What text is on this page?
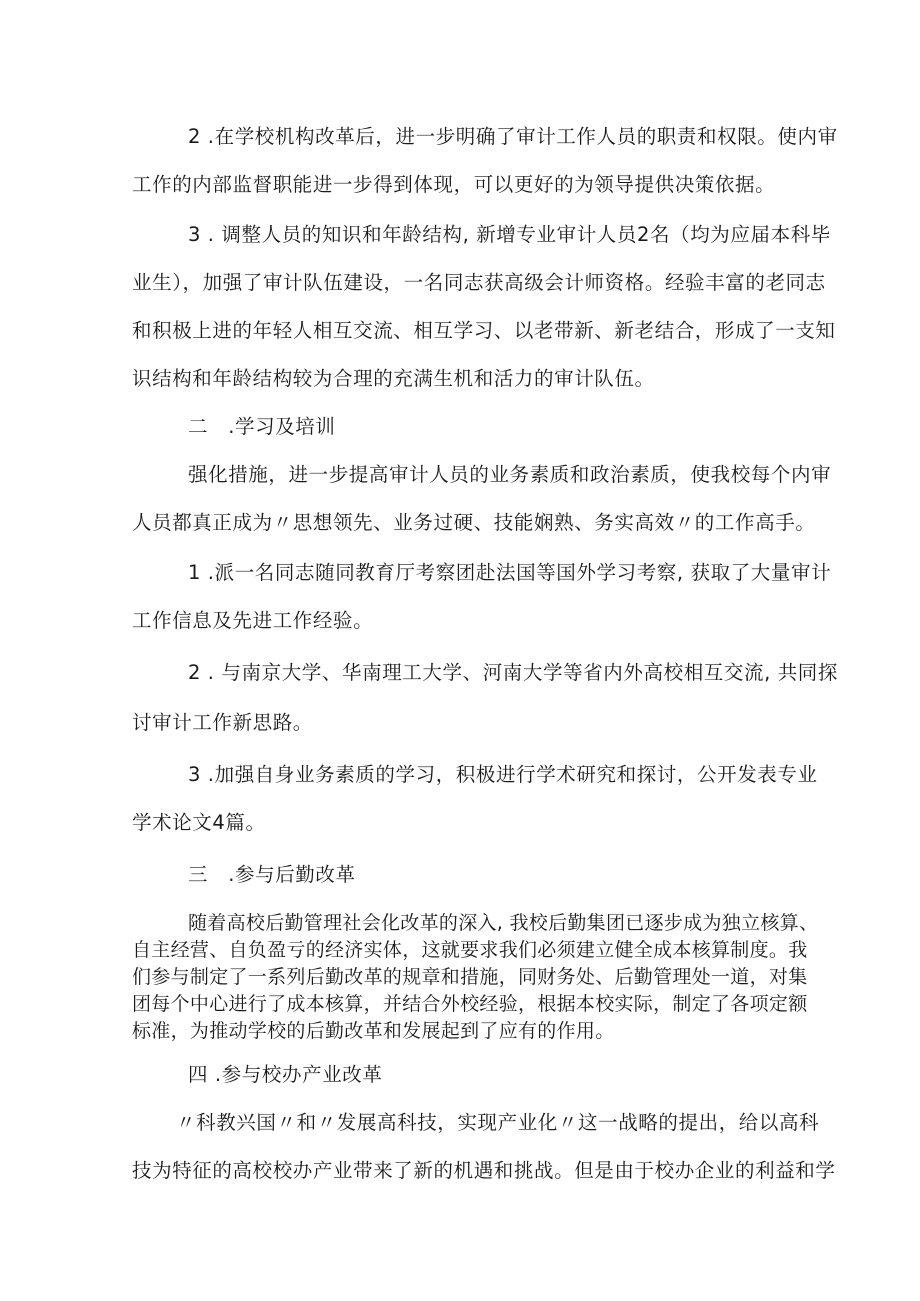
2 .在学校机构改革后，进一步明确了审计工作人员的职责和权限。使内审
工作的内部监督职能进一步得到体现，可以更好的为领导提供决策依据。
3 . 调整人员的知识和年龄结构, 新增专业审计人员2名（均为应届本科毕
业生），加强了审计队伍建设，一名同志获高级会计师资格。经验丰富的老同志
和积极上进的年轻人相互交流、相互学习、以老带新、新老结合，形成了一支知
识结构和年龄结构较为合理的充满生机和活力的审计队伍。
二　.学习及培训
强化措施，进一步提高审计人员的业务素质和政治素质，使我校每个内审
人员都真正成为〃思想领先、业务过硬、技能娴熟、务实高效〃的工作高手。
1 .派一名同志随同教育厅考察团赴法国等国外学习考察, 获取了大量审计
工作信息及先进工作经验。
2 . 与南京大学、华南理工大学、河南大学等省内外高校相互交流, 共同探
讨审计工作新思路。
3 .加强自身业务素质的学习，积极进行学术研究和探讨，公开发表专业
学术论文4篇。
三　.参与后勤改革
随着高校后勤管理社会化改革的深入, 我校后勤集团已逐步成为独立核算、
自主经营、自负盈亏的经济实体，这就要求我们必须建立健全成本核算制度。我
们参与制定了一系列后勤改革的规章和措施，同财务处、后勤管理处一道，对集
团每个中心进行了成本核算，并结合外校经验，根据本校实际，制定了各项定额
标准，为推动学校的后勤改革和发展起到了应有的作用。
四 .参与校办产业改革
〃科教兴国〃和〃发展高科技，实现产业化〃这一战略的提出，给以高科
技为特征的高校校办产业带来了新的机遇和挑战。但是由于校办企业的利益和学
